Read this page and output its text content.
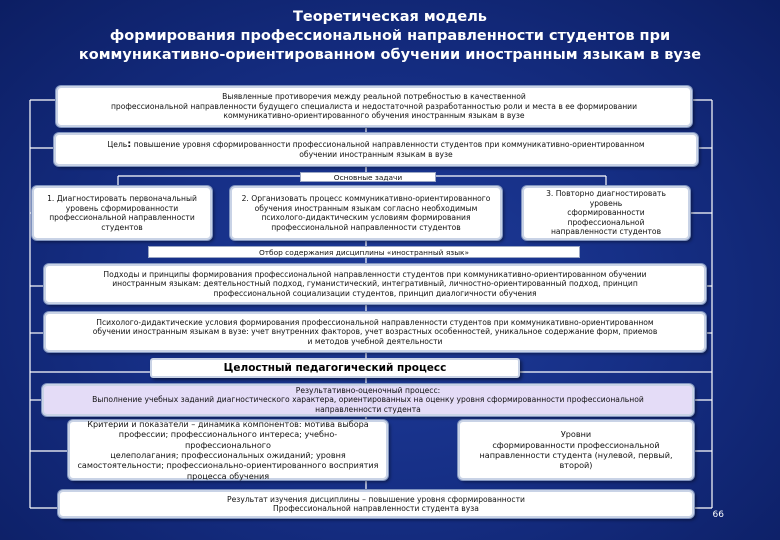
Теоретическая модель
формирования профессиональной направленности студентов при
коммуникативно-ориентированном обучении иностранным языкам в вузе
Выявленные противоречия между реальной потребностью в качественной
профессиональной направленности будущего специалиста и недостаточной разработанностью роли и места в ее формировании
коммуникативно-ориентированного обучения иностранным языкам в вузе
Цель: повышение уровня сформированности профессиональной направленности студентов при коммуникативно-ориентированном
обучении иностранным языкам в вузе
Основные задачи
1. Диагностировать первоначальный
уровень сформированности
профессиональной направленности
студентов
2. Организовать процесс коммуникативно-ориентированного
обучения иностранным языкам согласно необходимым
психолого-дидактическим условиям формирования
профессиональной направленности студентов
3. Повторно диагностировать уровень
сформированности профессиональной
направленности студентов
Отбор содержания дисциплины «иностранный язык»
Подходы и принципы формирования профессиональной направленности студентов при коммуникативно-ориентированном обучении
иностранным языкам: деятельностный подход, гуманистический, интегративный, личностно-ориентированный подход, принцип
профессиональной социализации студентов, принцип диалогичности обучения
Психолого-дидактические условия формирования профессиональной направленности студентов при коммуникативно-ориентированном
обучении иностранным языкам в вузе: учет внутренних факторов, учет возрастных особенностей, уникальное содержание форм, приемов
и методов учебной деятельности
Целостный педагогический процесс
Результативно-оценочный процесс:
Выполнение учебных заданий диагностического характера, ориентированных на оценку уровня сформированности профессиональной
направленности студента
Критерии и показатели – динамика компонентов: мотива выбора
профессии; профессионального интереса; учебно-профессионального
целеполагания; профессиональных ожиданий; уровня
самостоятельности; профессионально-ориентированного восприятия
процесса обучения
Уровни
сформированности профессиональной
направленности студента (нулевой, первый,
второй)
Результат изучения дисциплины – повышение уровня сформированности
Профессиональной направленности студента вуза
66
